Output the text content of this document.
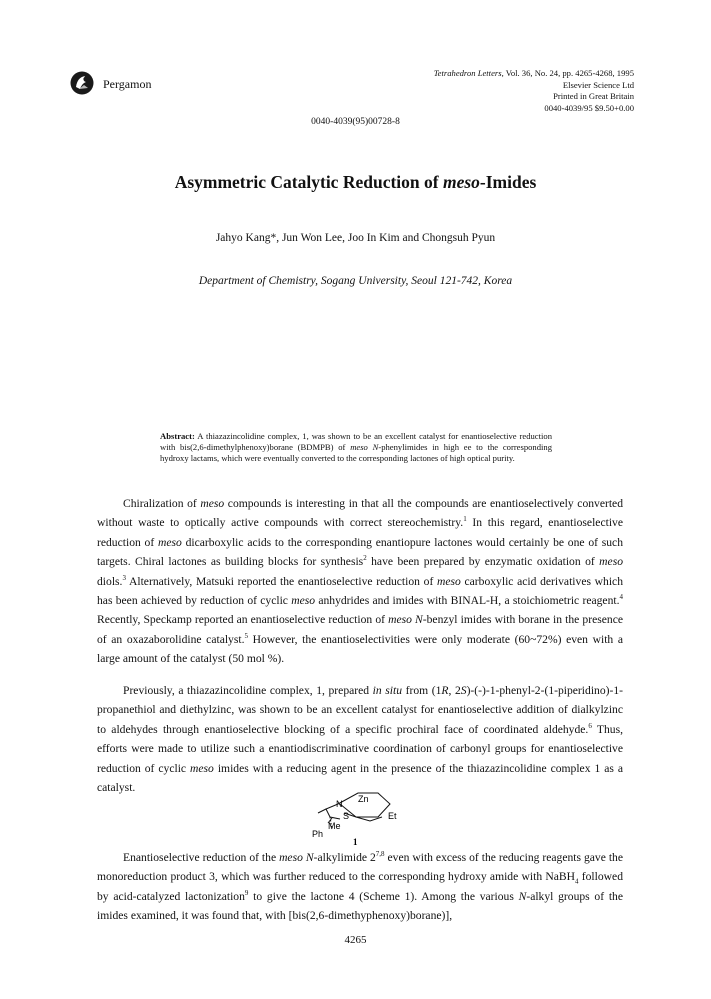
Pergamon
Tetrahedron Letters, Vol. 36, No. 24, pp. 4265-4268, 1995
Elsevier Science Ltd
Printed in Great Britain
0040-4039/95 $9.50+0.00
0040-4039(95)00728-8
Asymmetric Catalytic Reduction of meso-Imides
Jahyo Kang*, Jun Won Lee, Joo In Kim and Chongsuh Pyun
Department of Chemistry, Sogang University, Seoul 121-742, Korea
Abstract: A thiazazincolidine complex, 1, was shown to be an excellent catalyst for enantioselective reduction with bis(2,6-dimethylphenoxy)borane (BDMPB) of meso N-phenylimides in high ee to the corresponding hydroxy lactams, which were eventually converted to the corresponding lactones of high optical purity.
Chiralization of meso compounds is interesting in that all the compounds are enantioselectively converted without waste to optically active compounds with correct stereochemistry.$^1$ In this regard, enantioselective reduction of meso dicarboxylic acids to the corresponding enantiopure lactones would certainly be one of such targets. Chiral lactones as building blocks for synthesis$^2$ have been prepared by enzymatic oxidation of meso diols.$^3$ Alternatively, Matsuki reported the enantioselective reduction of meso carboxylic acid derivatives which has been achieved by reduction of cyclic meso anhydrides and imides with BINAL-H, a stoichiometric reagent.$^4$ Recently, Speckamp reported an enantioselective reduction of meso N-benzyl imides with borane in the presence of an oxazaborolidine catalyst.$^5$ However, the enantioselectivities were only moderate (60~72%) even with a large amount of the catalyst (50 mol %).
Previously, a thiazazincolidine complex, 1, prepared in situ from (1R, 2S)-(-)-1-phenyl-2-(1-piperidino)-1-propanethiol and diethylzinc, was shown to be an excellent catalyst for enantioselective addition of dialkylzinc to aldehydes through enantioselective blocking of a specific prochiral face of coordinated aldehyde.$^6$ Thus, efforts were made to utilize such a enantiodiscriminative coordination of carbonyl groups for enantioselective reduction of cyclic meso imides with a reducing agent in the presence of the thiazazincolidine complex 1 as a catalyst.
N Zn
S	Et
Me
Ph
1
Enantioselective reduction of the meso N-alkylimide 2$^{7,8}$ even with excess of the reducing reagents gave the monoreduction product 3, which was further reduced to the corresponding hydroxy amide with NaBH$_4$ followed by acid-catalyzed lactonization$^9$ to give the lactone 4 (Scheme 1). Among the various N-alkyl groups of the imides examined, it was found that, with [bis(2,6-dimethyphenoxy)borane)],
4265
